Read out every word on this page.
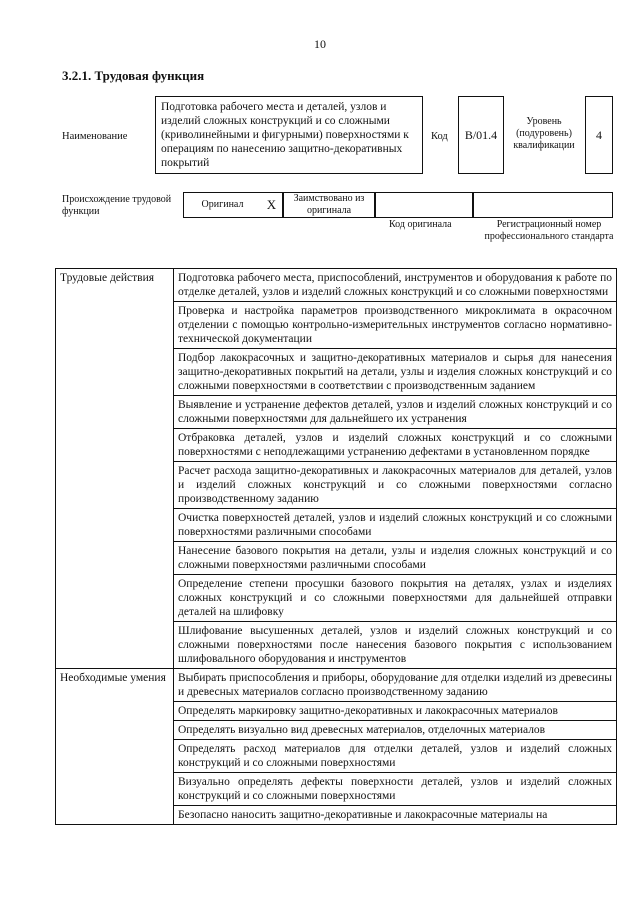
10
3.2.1. Трудовая функция
Наименование
Подготовка рабочего места и деталей, узлов и изделий сложных конструкций и со сложными (криволинейными и фигурными) поверхностями к операциям по нанесению защитно-декоративных покрытий
Код	B/01.4
Уровень (подуровень) квалификации
4
Происхождение трудовой функции
Оригинал X	Заимствовано из оригинала
Код оригинала	Регистрационный номер профессионального стандарта
Трудовые действия	Подготовка рабочего места, приспособлений, инструментов и оборудования к работе по отделке деталей, узлов и изделий сложных конструкций и со сложными поверхностями
	Проверка и настройка параметров производственного микроклимата в окрасочном отделении с помощью контрольно-измерительных инструментов согласно нормативно-технической документации
	Подбор лакокрасочных и защитно-декоративных материалов и сырья для нанесения защитно-декоративных покрытий на детали, узлы и изделия сложных конструкций и со сложными поверхностями в соответствии с производственным заданием
	Выявление и устранение дефектов деталей, узлов и изделий сложных конструкций и со сложными поверхностями для дальнейшего их устранения
	Отбраковка деталей, узлов и изделий сложных конструкций и со сложными поверхностями с неподлежащими устранению дефектами в установленном порядке
	Расчет расхода защитно-декоративных и лакокрасочных материалов для деталей, узлов и изделий сложных конструкций и со сложными поверхностями согласно производственному заданию
	Очистка поверхностей деталей, узлов и изделий сложных конструкций и со сложными поверхностями различными способами
	Нанесение базового покрытия на детали, узлы и изделия сложных конструкций и со сложными поверхностями различными способами
	Определение степени просушки базового покрытия на деталях, узлах и изделиях сложных конструкций и со сложными поверхностями для дальнейшей отправки деталей на шлифовку
	Шлифование высушенных деталей, узлов и изделий сложных конструкций и со сложными поверхностями после нанесения базового покрытия с использованием шлифовального оборудования и инструментов
Необходимые умения	Выбирать приспособления и приборы, оборудование для отделки изделий из древесины и древесных материалов согласно производственному заданию
	Определять маркировку защитно-декоративных и лакокрасочных материалов
	Определять визуально вид древесных материалов, отделочных материалов
	Определять расход материалов для отделки деталей, узлов и изделий сложных конструкций и со сложными поверхностями
	Визуально определять дефекты поверхности деталей, узлов и изделий сложных конструкций и со сложными поверхностями
	Безопасно наносить защитно-декоративные и лакокрасочные материалы на
